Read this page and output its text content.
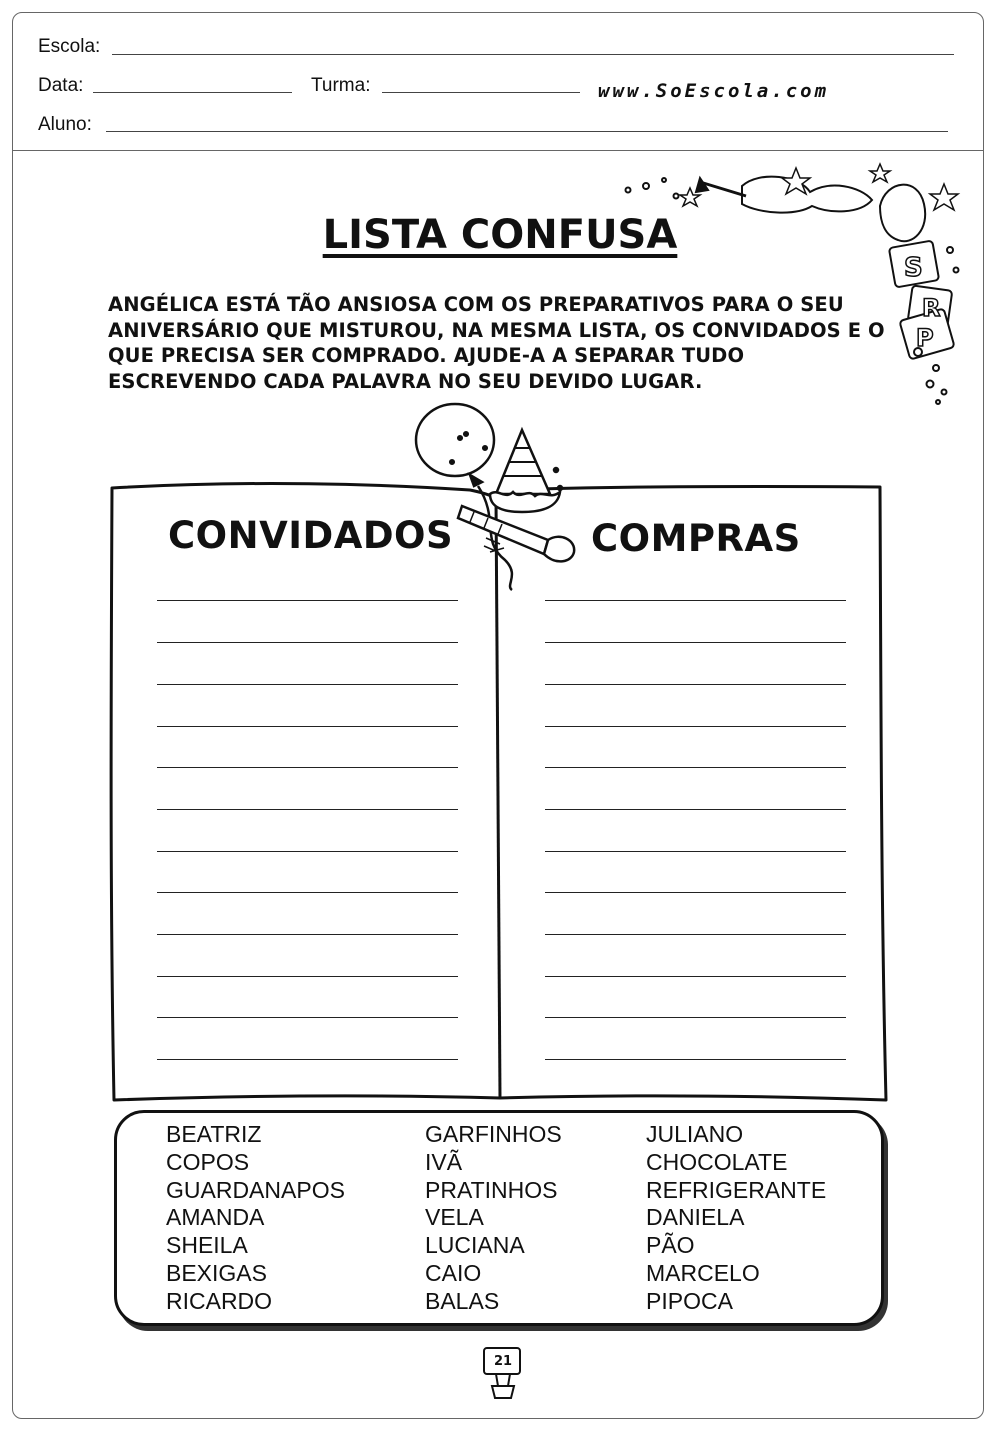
Escola:
Data:	Turma:
Aluno:
www.SoEscola.com
LISTA CONFUSA
ANGÉLICA ESTÁ TÃO ANSIOSA COM OS PREPARATIVOS PARA O SEU
ANIVERSÁRIO QUE MISTUROU, NA MESMA LISTA, OS CONVIDADOS E O
QUE PRECISA SER COMPRADO. AJUDE-A A SEPARAR TUDO
ESCREVENDO CADA PALAVRA NO SEU DEVIDO LUGAR.
S
R
P
CONVIDADOS	COMPRAS
BEATRIZ
COPOS
GUARDANAPOS
AMANDA
SHEILA
BEXIGAS
RICARDO
GARFINHOS
IVÃ
PRATINHOS
VELA
LUCIANA
CAIO
BALAS
JULIANO
CHOCOLATE
REFRIGERANTE
DANIELA
PÃO
MARCELO
PIPOCA
21
